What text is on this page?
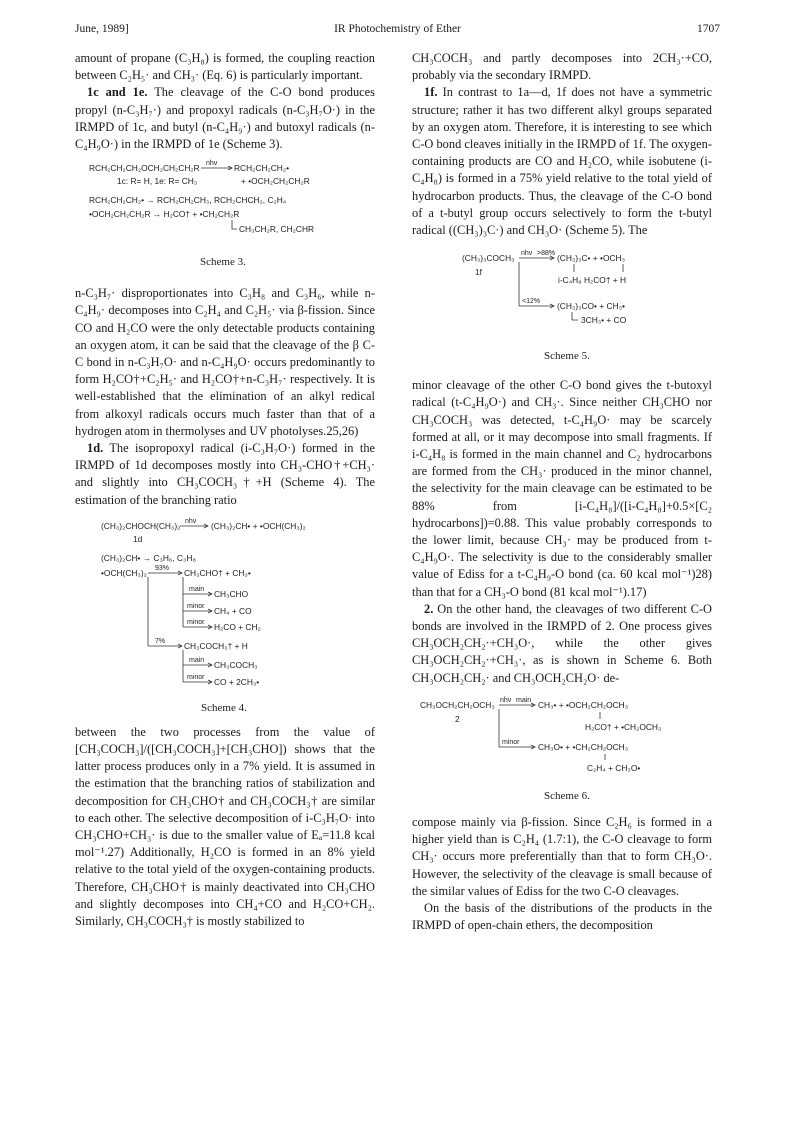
June, 1989]	IR Photochemistry of Ether	1707

amount of propane (C₃H₈) is formed, the coupling reaction between C₂H₅· and CH₃· (Eq. 6) is particularly important.

1c and 1e. The cleavage of the C-O bond produces propyl (n-C₃H₇·) and propoxyl radicals (n-C₃H₇O·) in the IRMPD of 1c, and butyl (n-C₄H₉·) and butoxyl radicals (n-C₄H₉O·) in the IRMPD of 1e (Scheme 3).

RCH₂CH₂CH₂OCH₂CH₂CH₂R nhν RCH₂CH₂CH₂•
1c: R= H, 1e: R= CH₃	+ •OCH₂CH₂CH₂R
RCH₂CH₂CH₂• → RCH₂CH₂CH₃, RCH₂CHCH₂, C₂H₄
•OCH₂CH₂CH₂R → H₂CO† + •CH₂CH₂R
CH₃CH₂R, CH₂CHR
Scheme 3.

n-C₃H₇· disproportionates into C₃H₈ and C₃H₆, while n-C₄H₉· decomposes into C₂H₄ and C₂H₅· via β-fission. Since CO and H₂CO were the only detectable products containing an oxygen atom, it can be said that the cleavage of the β C-C bond in n-C₃H₇O· and n-C₄H₉O· occurs predominantly to form H₂CO†+C₂H₅· and H₂CO†+n-C₃H₇· respectively. It is well-established that the elimination of an alkyl redical from alkoxyl radicals occurs much faster than that of a hydrogen atom in thermolyses and UV photolyses.25,26)

1d. The isopropoxyl radical (i-C₃H₇O·) formed in the IRMPD of 1d decomposes mostly into CH₃-CHO†+CH₃· and slightly into CH₃COCH₃†+H (Scheme 4). The estimation of the branching ratio

(CH₃)₂CHOCH(CH₃)₂ nhν (CH₃)₂CH• + •OCH(CH₃)₂
1d
(CH₃)₂CH• → C₃H₆, C₃H₈
•OCH(CH₃)₂ 93% CH₃CHO† + CH₃•
main CH₃CHO
minor CH₄ + CO
minor H₂CO + CH₂
7% CH₃COCH₃† + H
main CH₃COCH₃
minor CO + 2CH₃•
Scheme 4.

between the two processes from the value of [CH₃COCH₃]/([CH₃COCH₃]+[CH₃CHO]) shows that the latter process produces only in a 7% yield. It is assumed in the estimation that the branching ratios of stabilization and decomposition for CH₃CHO† and CH₃COCH₃† are similar to each other. The selective decomposition of i-C₃H₇O· into CH₃CHO+CH₃· is due to the smaller value of Eₐ=11.8 kcal mol⁻¹.27) Additionally, H₂CO is formed in an 8% yield relative to the total yield of the oxygen-containing products. Therefore, CH₃CHO† is mainly deactivated into CH₃CHO and slightly decomposes into CH₄+CO and H₂CO+CH₂. Similarly, CH₃COCH₃† is mostly stabilized to

CH₃COCH₃ and partly decomposes into 2CH₃·+CO, probably via the secondary IRMPD.

1f. In contrast to 1a—d, 1f does not have a symmetric structure; rather it has two different alkyl groups separated by an oxygen atom. Therefore, it is interesting to see which C-O bond cleaves initially in the IRMPD of 1f. The oxygen-containing products are CO and H₂CO, while isobutene (i-C₄H₈) is formed in a 75% yield relative to the total yield of hydrocarbon products. Thus, the cleavage of the C-O bond of a t-butyl group occurs selectively to form the t-butyl radical ((CH₃)₃C·) and CH₃O· (Scheme 5). The

(CH₃)₃COCH₃ nhν >88% (CH₃)₃C• + •OCH₃
1f
i-C₄H₈ H₂CO† + H
<12% (CH₃)₃CO• + CH₃•
3CH₃• + CO
Scheme 5.

minor cleavage of the other C-O bond gives the t-butoxyl radical (t-C₄H₉O·) and CH₃·. Since neither CH₃CHO nor CH₃COCH₃ was detected, t-C₄H₉O· may be scarcely formed at all, or it may decompose into small fragments. If i-C₄H₈ is formed in the main channel and C₂ hydrocarbons are formed from the CH₃· produced in the minor channel, the selectivity for the main cleavage can be estimated to be 88% from [i-C₄H₈]/([i-C₄H₈]+0.5×[C₂ hydrocarbons])=0.88. This value probably corresponds to the lower limit, because CH₃· may be produced from t-C₄H₉O·. The selectivity is due to the considerably smaller value of Ediss for a t-C₄H₉-O bond (ca. 60 kcal mol⁻¹)28) than that for a CH₃-O bond (81 kcal mol⁻¹).17)

2. On the other hand, the cleavages of two different C-O bonds are involved in the IRMPD of 2. One process gives CH₃OCH₂CH₂·+CH₃O·, while the other gives CH₃OCH₂CH₂·+CH₃·, as is shown in Scheme 6. Both CH₃OCH₂CH₂· and CH₃OCH₂CH₂O· de-

CH₃OCH₂CH₂OCH₃ nhν main CH₃• + •OCH₂CH₂OCH₃
2
H₂CO† + •CH₂OCH₃
minor CH₃O• + •CH₂CH₂OCH₃
C₂H₄ + CH₃O•
Scheme 6.

compose mainly via β-fission. Since C₂H₆ is formed in a higher yield than is C₂H₄ (1.7:1), the C-O cleavage to form CH₃· occurs more preferentially than that to form CH₃O·. However, the selectivity of the cleavage is small because of the similar values of Ediss for the two C-O cleavages.

On the basis of the distributions of the products in the IRMPD of open-chain ethers, the decomposition
